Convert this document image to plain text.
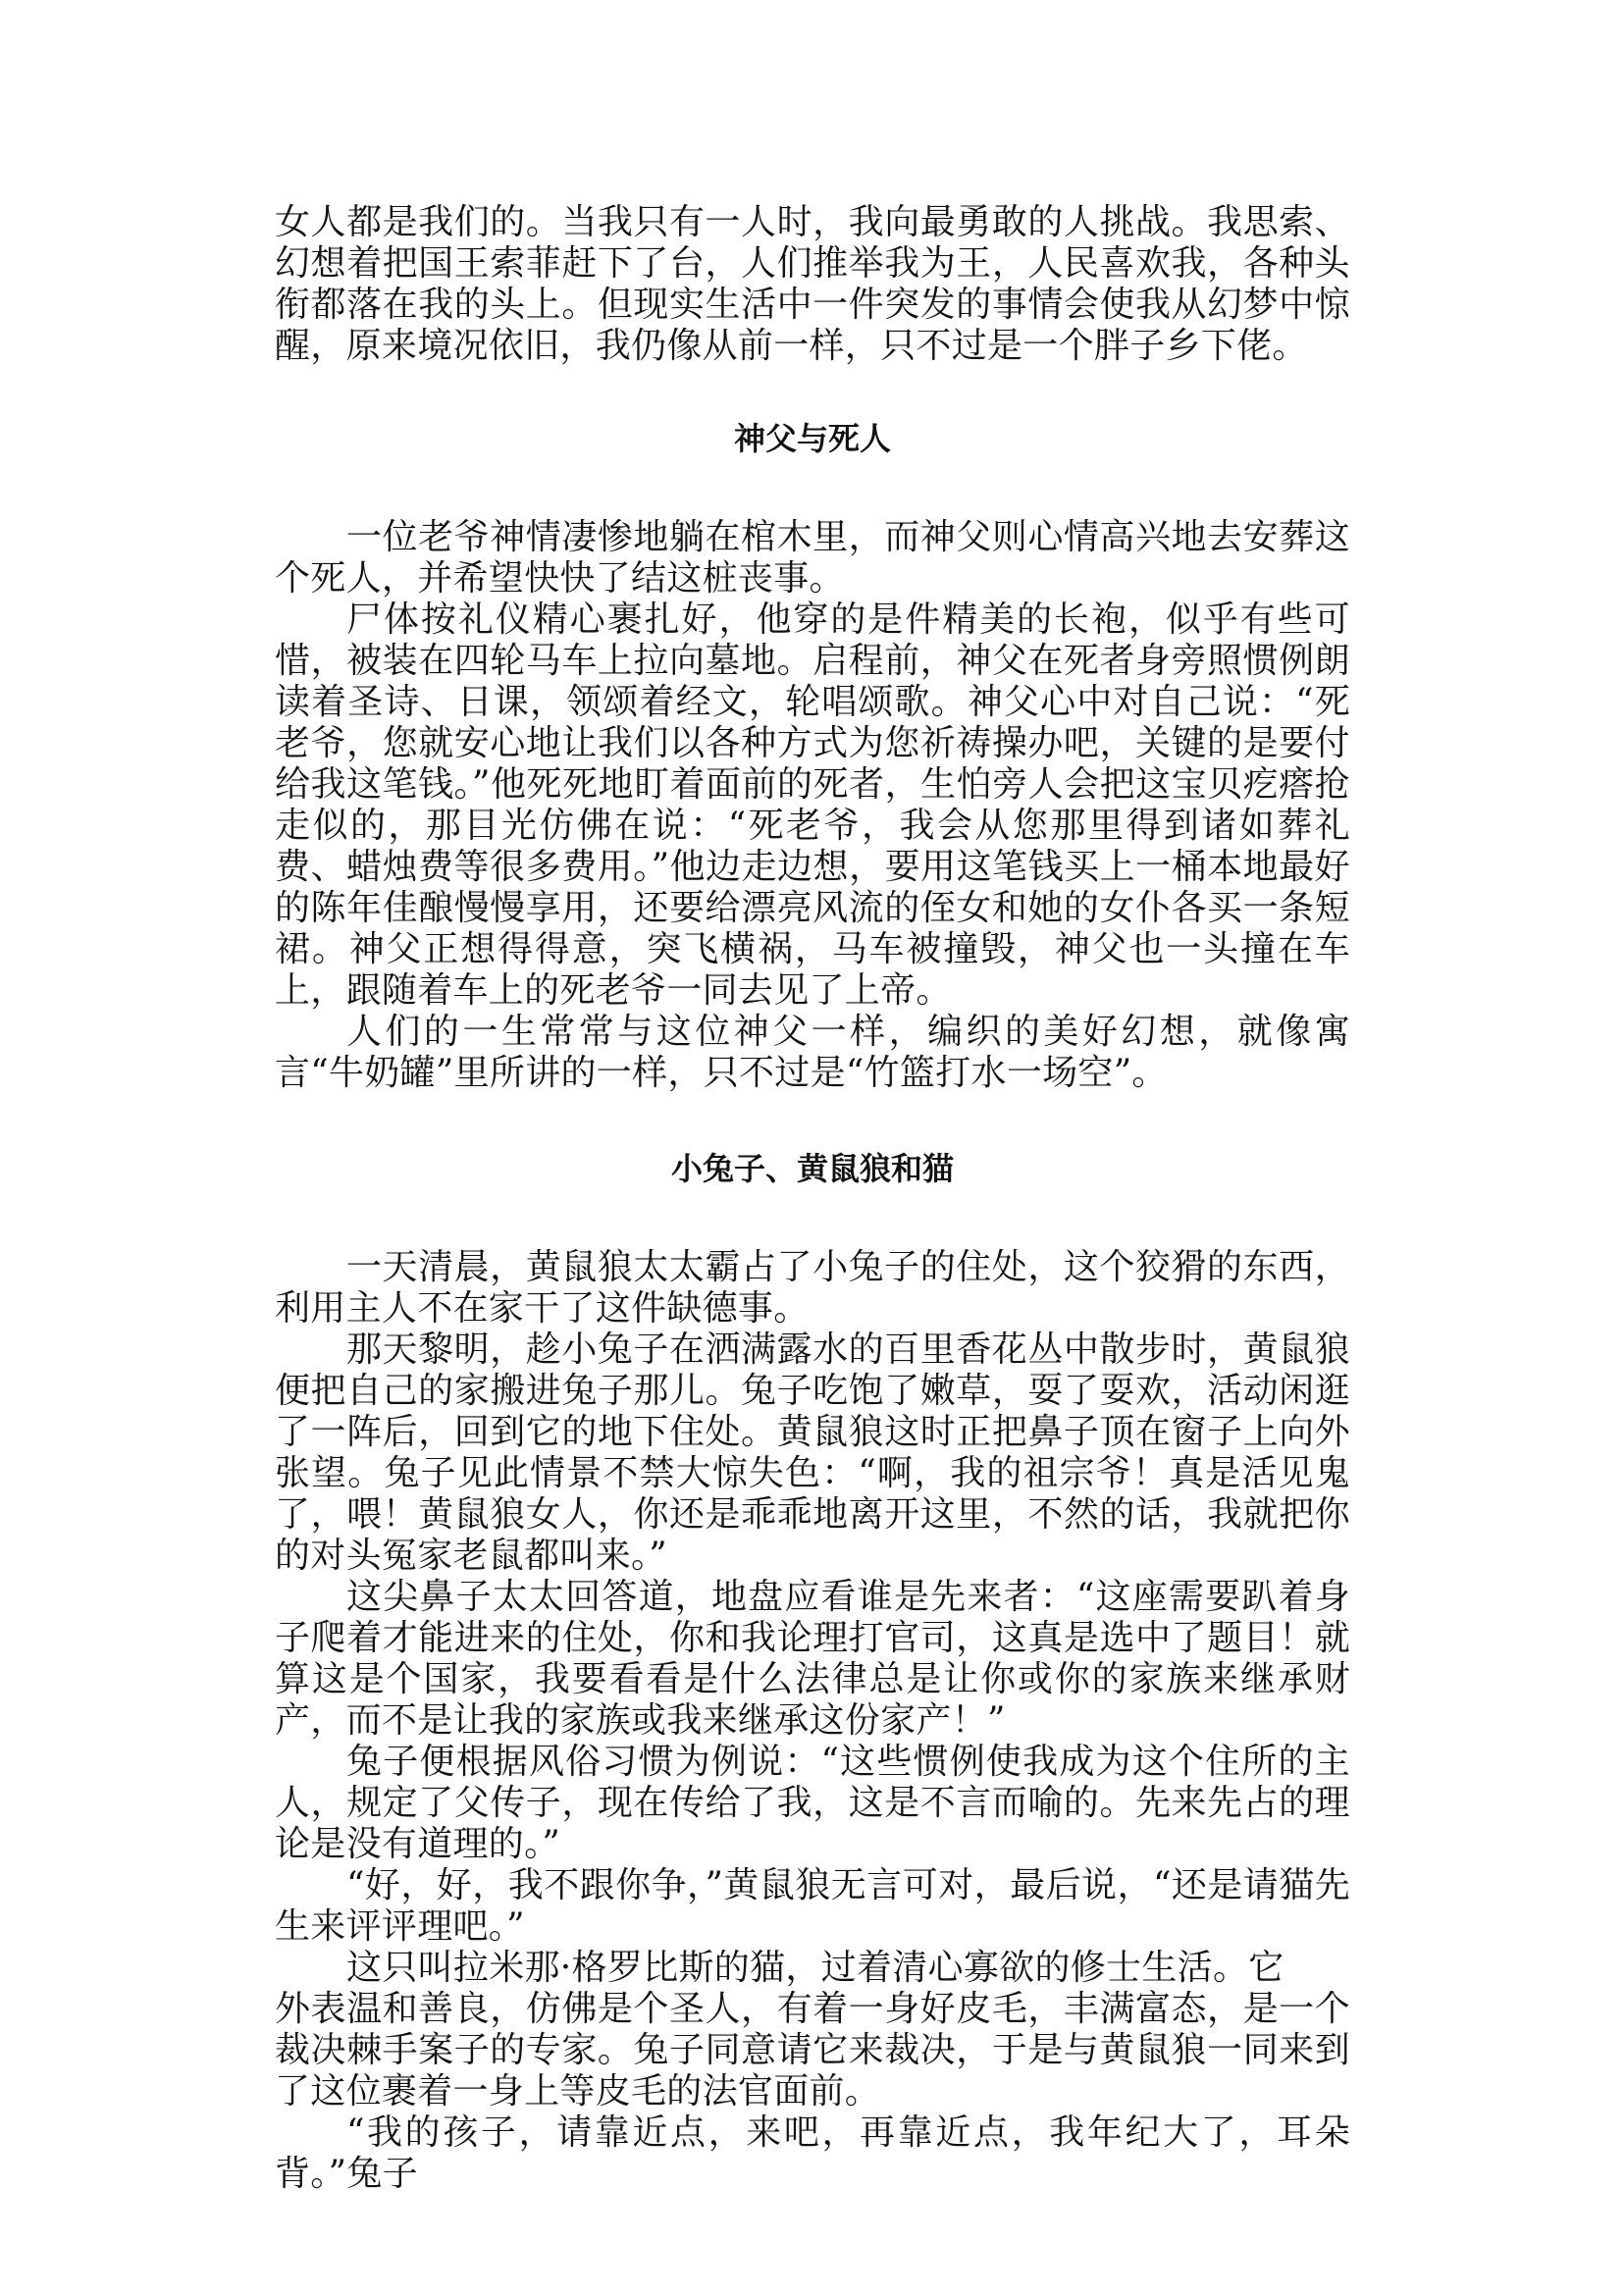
女人都是我们的。当我只有一人时，我向最勇敢的人挑战。我思索、幻想着把国王索菲赶下了台，人们推举我为王，人民喜欢我，各种头衔都落在我的头上。但现实生活中一件突发的事情会使我从幻梦中惊醒，原来境况依旧，我仍像从前一样，只不过是一个胖子乡下佬。

神父与死人

一位老爷神情凄惨地躺在棺木里，而神父则心情高兴地去安葬这个死人，并希望快快了结这桩丧事。

尸体按礼仪精心裹扎好，他穿的是件精美的长袍，似乎有些可惜，被装在四轮马车上拉向墓地。启程前，神父在死者身旁照惯例朗读着圣诗、日课，领颂着经文，轮唱颂歌。神父心中对自己说：“死老爷，您就安心地让我们以各种方式为您祈祷操办吧，关键的是要付给我这笔钱。”他死死地盯着面前的死者，生怕旁人会把这宝贝疙瘩抢走似的，那目光仿佛在说：“死老爷，我会从您那里得到诸如葬礼费、蜡烛费等很多费用。”他边走边想，要用这笔钱买上一桶本地最好的陈年佳酿慢慢享用，还要给漂亮风流的侄女和她的女仆各买一条短裙。神父正想得得意，突飞横祸，马车被撞毁，神父也一头撞在车上，跟随着车上的死老爷一同去见了上帝。

人们的一生常常与这位神父一样，编织的美好幻想，就像寓言“牛奶罐”里所讲的一样，只不过是“竹篮打水一场空”。

小兔子、黄鼠狼和猫

一天清晨，黄鼠狼太太霸占了小兔子的住处，这个狡猾的东西，利用主人不在家干了这件缺德事。

那天黎明，趁小兔子在洒满露水的百里香花丛中散步时，黄鼠狼便把自己的家搬进兔子那儿。兔子吃饱了嫩草，耍了耍欢，活动闲逛了一阵后，回到它的地下住处。黄鼠狼这时正把鼻子顶在窗子上向外张望。兔子见此情景不禁大惊失色：“啊，我的祖宗爷！真是活见鬼了，喂！黄鼠狼女人，你还是乖乖地离开这里，不然的话，我就把你的对头冤家老鼠都叫来。”

这尖鼻子太太回答道，地盘应看谁是先来者：“这座需要趴着身子爬着才能进来的住处，你和我论理打官司，这真是选中了题目！就算这是个国家，我要看看是什么法律总是让你或你的家族来继承财产，而不是让我的家族或我来继承这份家产！”

兔子便根据风俗习惯为例说：“这些惯例使我成为这个住所的主人，规定了父传子，现在传给了我，这是不言而喻的。先来先占的理论是没有道理的。”

“好，好，我不跟你争，”黄鼠狼无言可对，最后说，“还是请猫先生来评评理吧。”

这只叫拉米那·格罗比斯的猫，过着清心寡欲的修士生活。它

外表温和善良，仿佛是个圣人，有着一身好皮毛，丰满富态，是一个裁决棘手案子的专家。兔子同意请它来裁决，于是与黄鼠狼一同来到了这位裹着一身上等皮毛的法官面前。

“我的孩子，请靠近点，来吧，再靠近点，我年纪大了，耳朵背。”兔子
